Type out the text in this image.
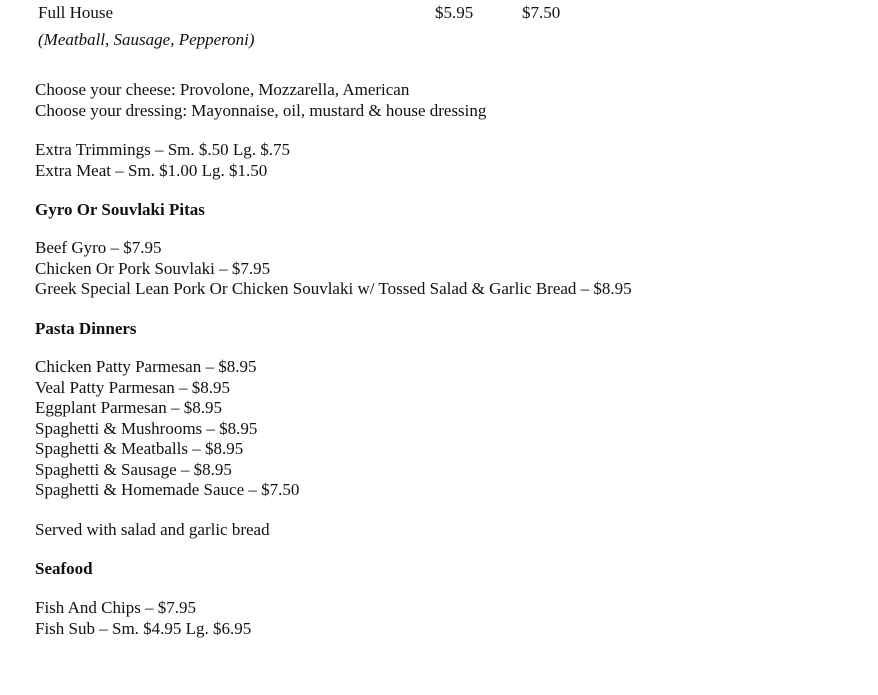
Full House	$5.95	$7.50
(Meatball, Sausage, Pepperoni)
Choose your cheese: Provolone, Mozzarella, American
Choose your dressing: Mayonnaise, oil, mustard & house dressing
Extra Trimmings – Sm. $.50 Lg. $.75
Extra Meat – Sm. $1.00 Lg. $1.50
Gyro Or Souvlaki Pitas
Beef Gyro – $7.95
Chicken Or Pork Souvlaki – $7.95
Greek Special Lean Pork Or Chicken Souvlaki w/ Tossed Salad & Garlic Bread – $8.95
Pasta Dinners
Chicken Patty Parmesan – $8.95
Veal Patty Parmesan – $8.95
Eggplant Parmesan – $8.95
Spaghetti & Mushrooms – $8.95
Spaghetti & Meatballs – $8.95
Spaghetti & Sausage – $8.95
Spaghetti & Homemade Sauce – $7.50
Served with salad and garlic bread
Seafood
Fish And Chips – $7.95
Fish Sub – Sm. $4.95 Lg. $6.95
